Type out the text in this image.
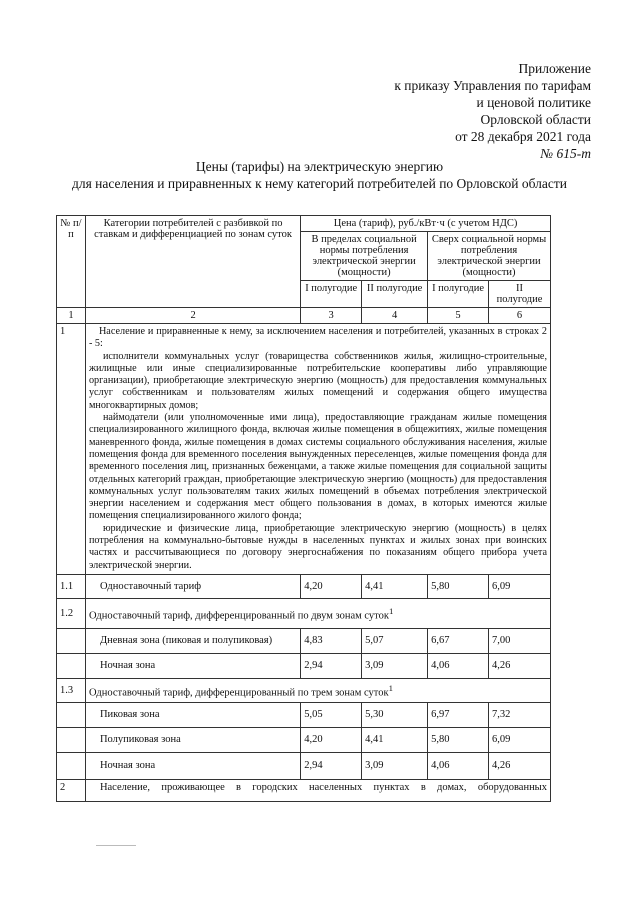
Приложение
к приказу Управления по тарифам
и ценовой политике
Орловской области
от 28 декабря 2021 года
№ 615-т
Цены (тарифы) на электрическую энергию
для населения и приравненных к нему категорий потребителей по Орловской области
№ п/п	Категории потребителей с разбивкой по ставкам и дифференциацией по зонам суток	Цена (тариф), руб./кВт·ч (с учетом НДС)			
		В пределах социальной нормы потребления электрической энергии (мощности)		Сверх социальной нормы потребления электрической энергии (мощности)	
		I полугодие	II полугодие	I полугодие	II полугодие
1	2	3	4	5	6
1	Население и приравненные к нему, за исключением населения и потребителей, указанных в строках 2 - 5:

исполнители коммунальных услуг (товарищества собственников жилья, жилищно-строительные, жилищные или иные специализированные потребительские кооперативы либо управляющие организации), приобретающие электрическую энергию (мощность) для предоставления коммунальных услуг собственникам и пользователям жилых помещений и содержания общего имущества многоквартирных домов;

наймодатели (или уполномоченные ими лица), предоставляющие гражданам жилые помещения специализированного жилищного фонда, включая жилые помещения в общежитиях, жилые помещения маневренного фонда, жилые помещения в домах системы социального обслуживания населения, жилые помещения фонда для временного поселения вынужденных переселенцев, жилые помещения фонда для временного поселения лиц, признанных беженцами, а также жилые помещения для социальной защиты отдельных категорий граждан, приобретающие электрическую энергию (мощность) для предоставления коммунальных услуг пользователям таких жилых помещений в объемах потребления электрической энергии населением и содержания мест общего пользования в домах, в которых имеются жилые помещения специализированного жилого фонда;

юридические и физические лица, приобретающие электрическую энергию (мощность) в целях потребления на коммунально-бытовые нужды в населенных пунктах и жилых зонах при воинских частях и рассчитывающиеся по договору энергоснабжения по показаниям общего прибора учета электрической энергии.				

1.1	Одноставочный тариф	4,20	4,41	5,80	6,09
1.2	Одноставочный тариф, дифференцированный по двум зонам суток$^1$
	Дневная зона (пиковая и полупиковая)	4,83	5,07	6,67	7,00
	Ночная зона	2,94	3,09	4,06	4,26
1.3	Одноставочный тариф, дифференцированный по трем зонам суток$^1$
	Пиковая зона	5,05	5,30	6,97	7,32
	Полупиковая зона	4,20	4,41	5,80	6,09
	Ночная зона	2,94	3,09	4,06	4,26
2	Население, проживающее в городских населенных пунктах в домах, оборудованных				
